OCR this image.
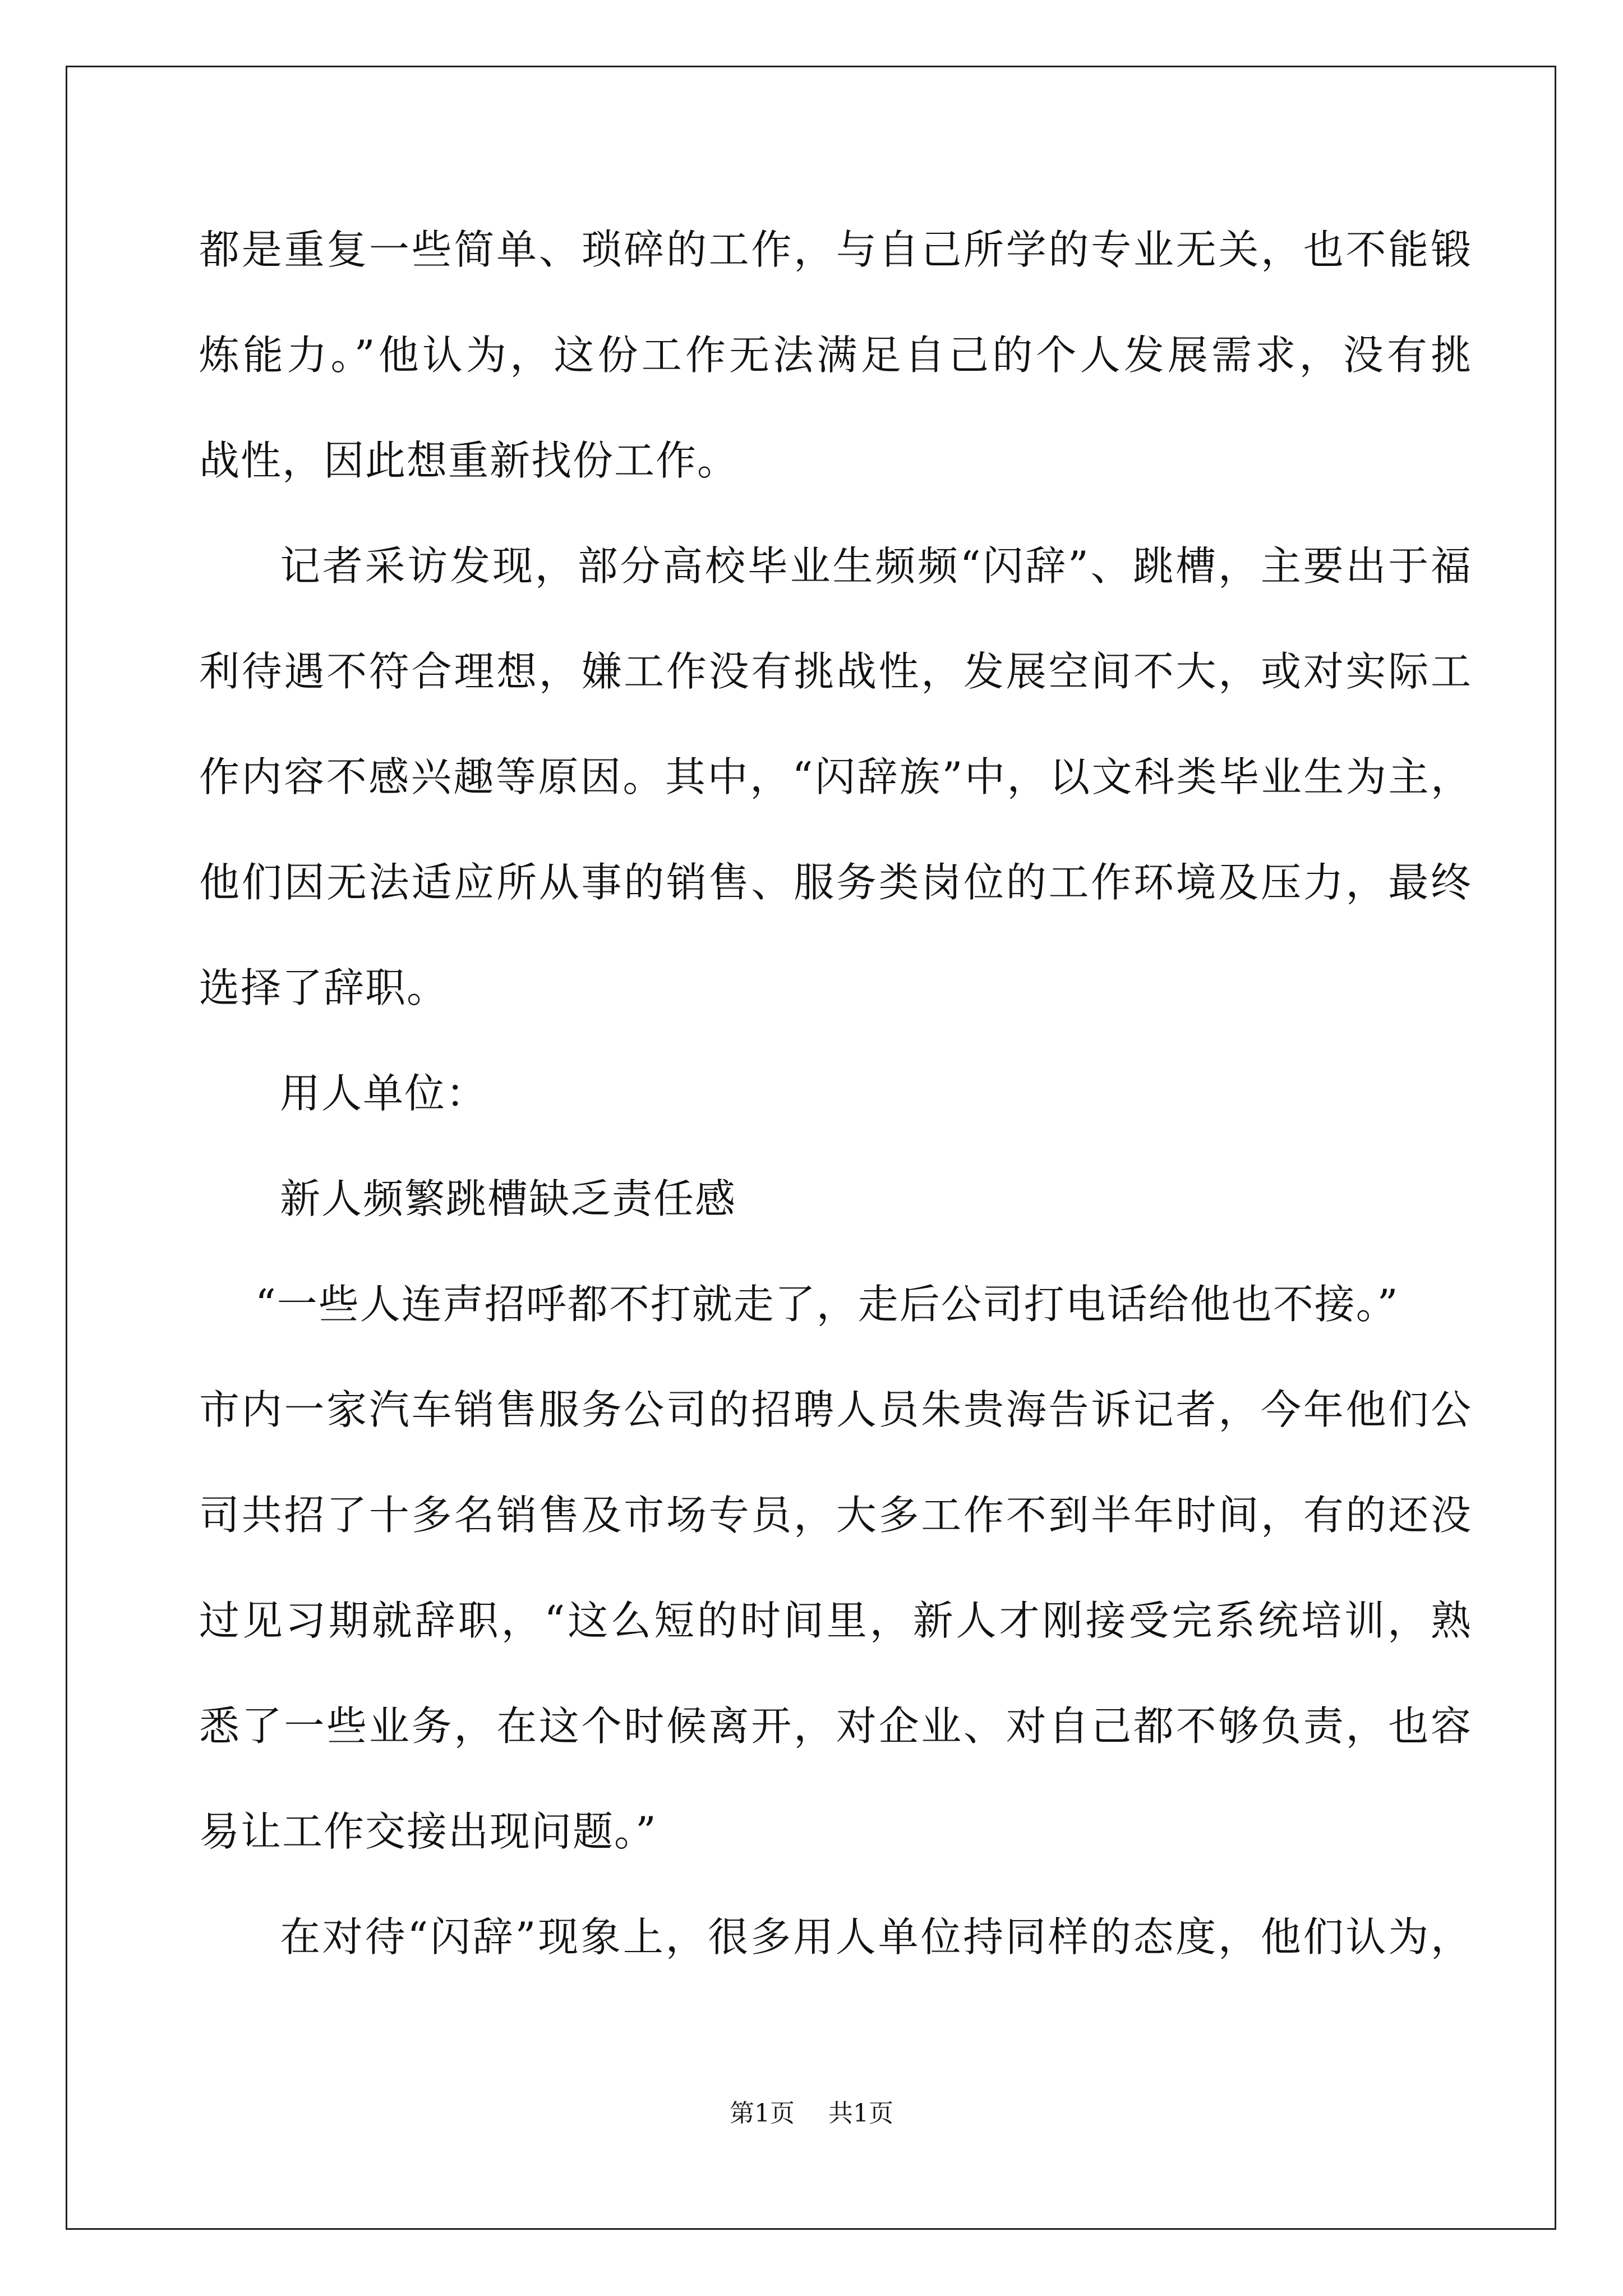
都是重复一些简单、琐碎的工作，与自己所学的专业无关，也不能锻
炼能力。”他认为，这份工作无法满足自己的个人发展需求，没有挑
战性，因此想重新找份工作。
记者采访发现，部分高校毕业生频频“闪辞”、跳槽，主要出于福
利待遇不符合理想，嫌工作没有挑战性，发展空间不大，或对实际工
作内容不感兴趣等原因。其中，“闪辞族”中，以文科类毕业生为主，
他们因无法适应所从事的销售、服务类岗位的工作环境及压力，最终
选择了辞职。
用人单位：
新人频繁跳槽缺乏责任感
“一些人连声招呼都不打就走了，走后公司打电话给他也不接。”
市内一家汽车销售服务公司的招聘人员朱贵海告诉记者，今年他们公
司共招了十多名销售及市场专员，大多工作不到半年时间，有的还没
过见习期就辞职，“这么短的时间里，新人才刚接受完系统培训，熟
悉了一些业务，在这个时候离开，对企业、对自己都不够负责，也容
易让工作交接出现问题。”
在对待“闪辞”现象上，很多用人单位持同样的态度，他们认为，
第1页 共1页
